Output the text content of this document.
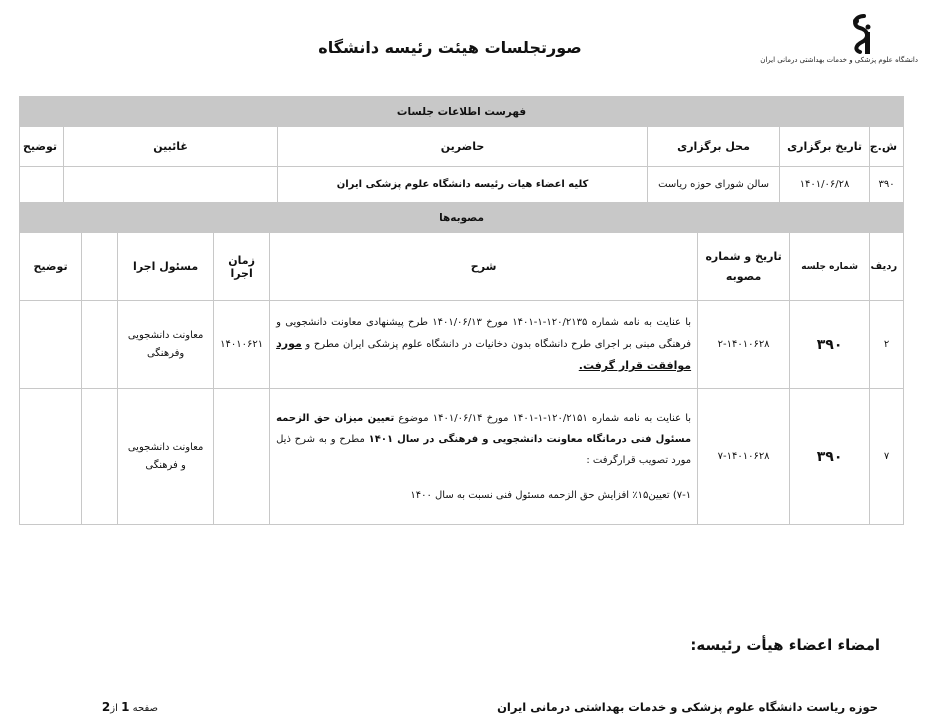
دانشگاه علوم پزشکی و خدمات بهداشتی درمانی ایران
صورتجلسات هیئت رئیسه دانشگاه
فهرست اطلاعات جلسات					
ش.ج	تاریخ برگزاری	محل برگزاری	حاضرین	غائبین	توضیح
۳۹۰	۱۴۰۱/۰۶/۲۸	سالن شورای حوزه ریاست	کلیه اعضاء هیات رئیسه دانشگاه علوم پزشکی ایران		
مصوبه‌ها							
ردیف	شماره جلسه	تاریخ و شماره مصوبه	شرح	زمان اجرا	مسئول اجرا		توضیح
۲	۳۹۰	۲-۱۴۰۱۰۶۲۸	با عنایت به نامه شماره ۱۲۰/۲۱۳۵-۱-۱۴۰۱ مورخ ۱۴۰۱/۰۶/۱۳ طرح پیشنهادی معاونت دانشجویی و فرهنگی مبنی بر اجرای طرح دانشگاه بدون دخانیات در دانشگاه علوم پزشکی ایران مطرح و مورد موافقت قرار گرفت.	۱۴۰۱۰۶۲۱	معاونت دانشجویی وفرهنگی		
۷	۳۹۰	۷-۱۴۰۱۰۶۲۸	با عنایت به نامه شماره ۱۲۰/۲۱۵۱-۱-۱۴۰۱ مورخ ۱۴۰۱/۰۶/۱۴ موضوع تعیین میزان حق الزحمه مسئول فنی درمانگاه معاونت دانشجویی و فرهنگی در سال ۱۴۰۱ مطرح و به شرح ذیل مورد تصویب قرارگرفت :
۷-۱) تعیین۱۵٪ افزایش حق الزحمه مسئول فنی نسبت به سال ۱۴۰۰		معاونت دانشجویی و فرهنگی		
امضاء اعضاء هیأت رئیسه:
حوزه ریاست دانشگاه علوم پزشکی و خدمات بهداشتی درمانی ایران
صفحه 1 از2
